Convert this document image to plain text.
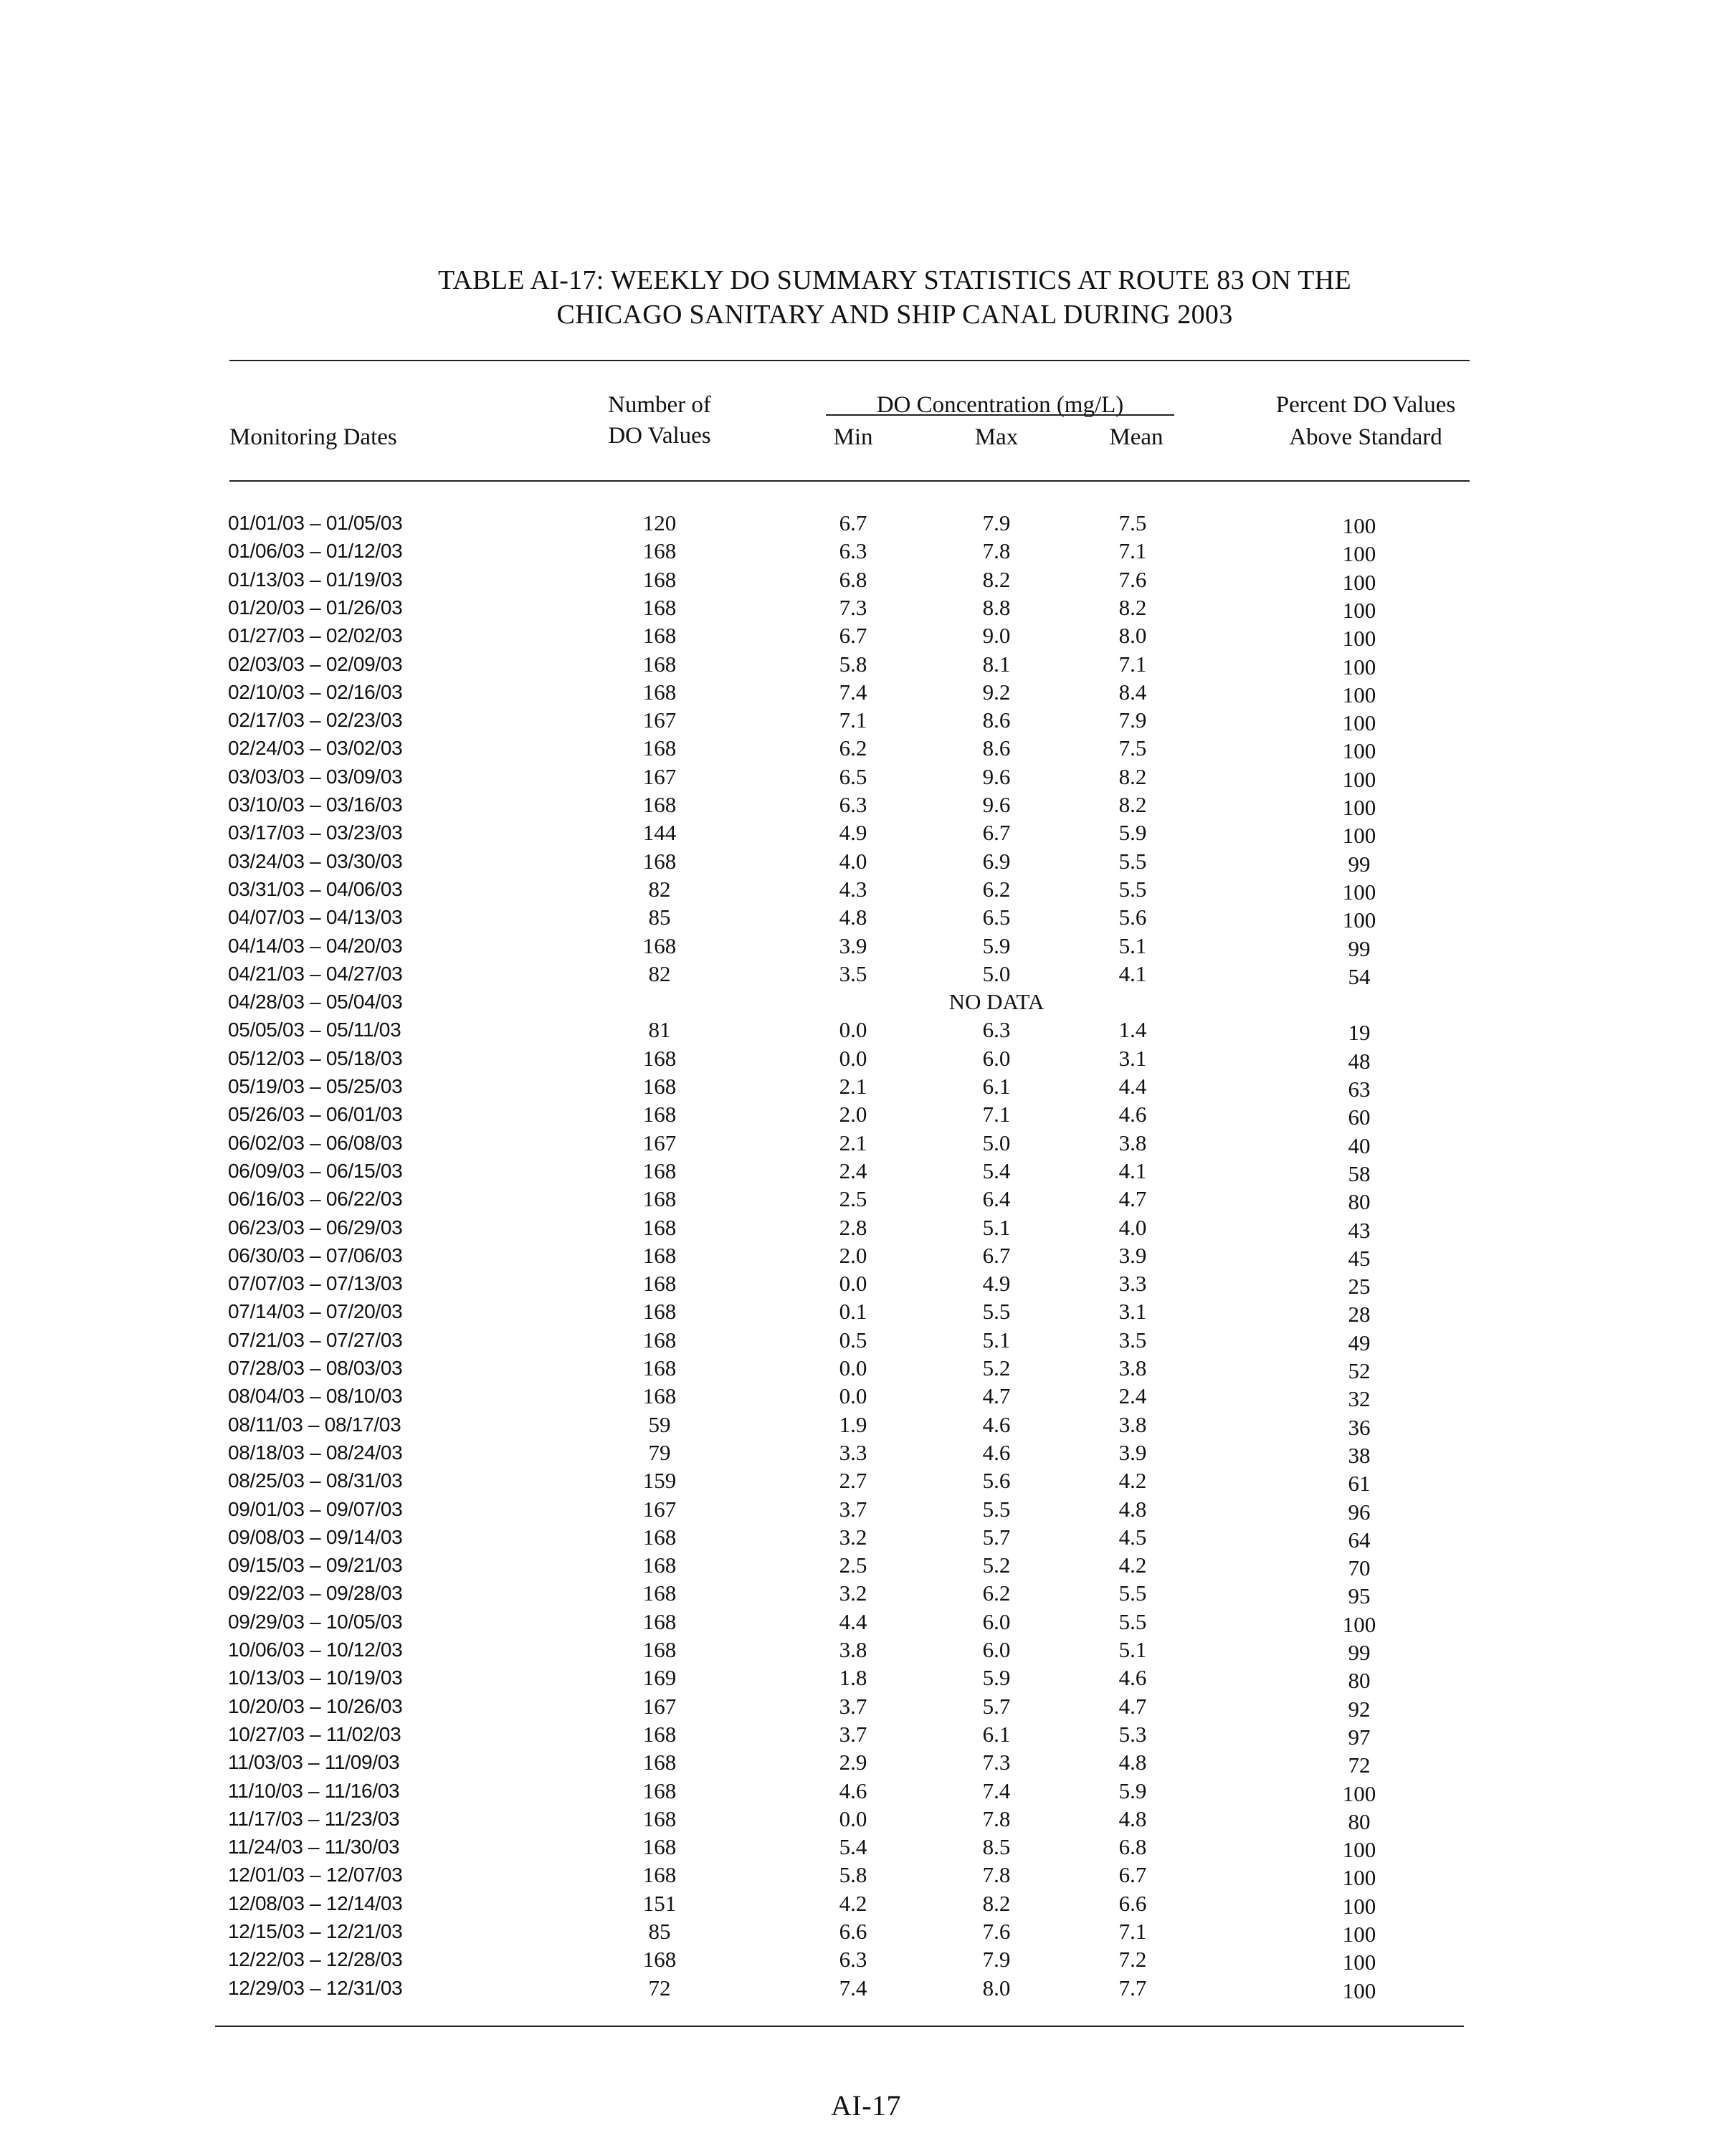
TABLE AI-17: WEEKLY DO SUMMARY STATISTICS AT ROUTE 83 ON THE
CHICAGO SANITARY AND SHIP CANAL DURING 2003
Monitoring Dates
Number of
DO Values
DO Concentration (mg/L)
Min	Max	Mean
Percent DO Values
Above Standard
01/01/03 – 01/05/03	120	6.7	7.9	7.5	100
01/06/03 – 01/12/03	168	6.3	7.8	7.1	100
01/13/03 – 01/19/03	168	6.8	8.2	7.6	100
01/20/03 – 01/26/03	168	7.3	8.8	8.2	100
01/27/03 – 02/02/03	168	6.7	9.0	8.0	100
02/03/03 – 02/09/03	168	5.8	8.1	7.1	100
02/10/03 – 02/16/03	168	7.4	9.2	8.4	100
02/17/03 – 02/23/03	167	7.1	8.6	7.9	100
02/24/03 – 03/02/03	168	6.2	8.6	7.5	100
03/03/03 – 03/09/03	167	6.5	9.6	8.2	100
03/10/03 – 03/16/03	168	6.3	9.6	8.2	100
03/17/03 – 03/23/03	144	4.9	6.7	5.9	100
03/24/03 – 03/30/03	168	4.0	6.9	5.5	99
03/31/03 – 04/06/03	82	4.3	6.2	5.5	100
04/07/03 – 04/13/03	85	4.8	6.5	5.6	100
04/14/03 – 04/20/03	168	3.9	5.9	5.1	99
04/21/03 – 04/27/03	82	3.5	5.0	4.1	54
04/28/03 – 05/04/03	NO DATA
05/05/03 – 05/11/03	81	0.0	6.3	1.4	19
05/12/03 – 05/18/03	168	0.0	6.0	3.1	48
05/19/03 – 05/25/03	168	2.1	6.1	4.4	63
05/26/03 – 06/01/03	168	2.0	7.1	4.6	60
06/02/03 – 06/08/03	167	2.1	5.0	3.8	40
06/09/03 – 06/15/03	168	2.4	5.4	4.1	58
06/16/03 – 06/22/03	168	2.5	6.4	4.7	80
06/23/03 – 06/29/03	168	2.8	5.1	4.0	43
06/30/03 – 07/06/03	168	2.0	6.7	3.9	45
07/07/03 – 07/13/03	168	0.0	4.9	3.3	25
07/14/03 – 07/20/03	168	0.1	5.5	3.1	28
07/21/03 – 07/27/03	168	0.5	5.1	3.5	49
07/28/03 – 08/03/03	168	0.0	5.2	3.8	52
08/04/03 – 08/10/03	168	0.0	4.7	2.4	32
08/11/03 – 08/17/03	59	1.9	4.6	3.8	36
08/18/03 – 08/24/03	79	3.3	4.6	3.9	38
08/25/03 – 08/31/03	159	2.7	5.6	4.2	61
09/01/03 – 09/07/03	167	3.7	5.5	4.8	96
09/08/03 – 09/14/03	168	3.2	5.7	4.5	64
09/15/03 – 09/21/03	168	2.5	5.2	4.2	70
09/22/03 – 09/28/03	168	3.2	6.2	5.5	95
09/29/03 – 10/05/03	168	4.4	6.0	5.5	100
10/06/03 – 10/12/03	168	3.8	6.0	5.1	99
10/13/03 – 10/19/03	169	1.8	5.9	4.6	80
10/20/03 – 10/26/03	167	3.7	5.7	4.7	92
10/27/03 – 11/02/03	168	3.7	6.1	5.3	97
11/03/03 – 11/09/03	168	2.9	7.3	4.8	72
11/10/03 – 11/16/03	168	4.6	7.4	5.9	100
11/17/03 – 11/23/03	168	0.0	7.8	4.8	80
11/24/03 – 11/30/03	168	5.4	8.5	6.8	100
12/01/03 – 12/07/03	168	5.8	7.8	6.7	100
12/08/03 – 12/14/03	151	4.2	8.2	6.6	100
12/15/03 – 12/21/03	85	6.6	7.6	7.1	100
12/22/03 – 12/28/03	168	6.3	7.9	7.2	100
12/29/03 – 12/31/03	72	7.4	8.0	7.7	100
AI-17
